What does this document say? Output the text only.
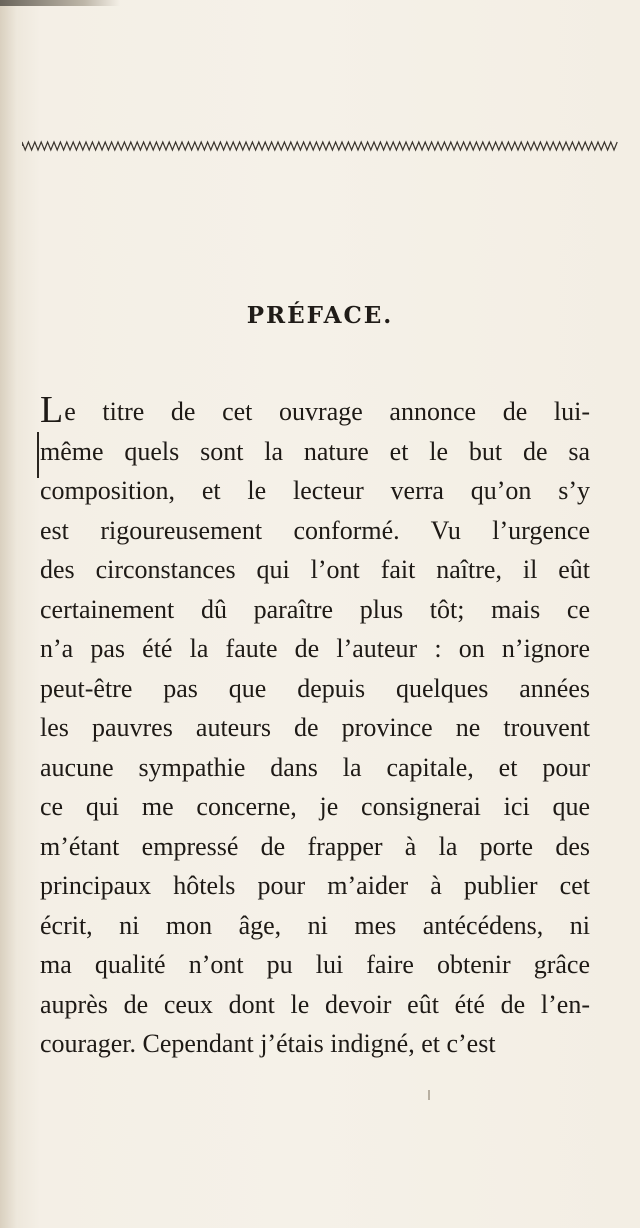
PRÉFACE.
Le titre de cet ouvrage annonce de lui-
même quels sont la nature et le but de sa
composition, et le lecteur verra qu’on s’y
est rigoureusement conformé. Vu l’urgence
des circonstances qui l’ont fait naître, il eût
certainement dû paraître plus tôt; mais ce
n’a pas été la faute de l’auteur : on n’ignore
peut-être pas que depuis quelques années
les pauvres auteurs de province ne trouvent
aucune sympathie dans la capitale, et pour
ce qui me concerne, je consignerai ici que
m’étant empressé de frapper à la porte des
principaux hôtels pour m’aider à publier cet
écrit, ni mon âge, ni mes antécédens, ni
ma qualité n’ont pu lui faire obtenir grâce
auprès de ceux dont le devoir eût été de l’en-
courager. Cependant j’étais indigné, et c’est
